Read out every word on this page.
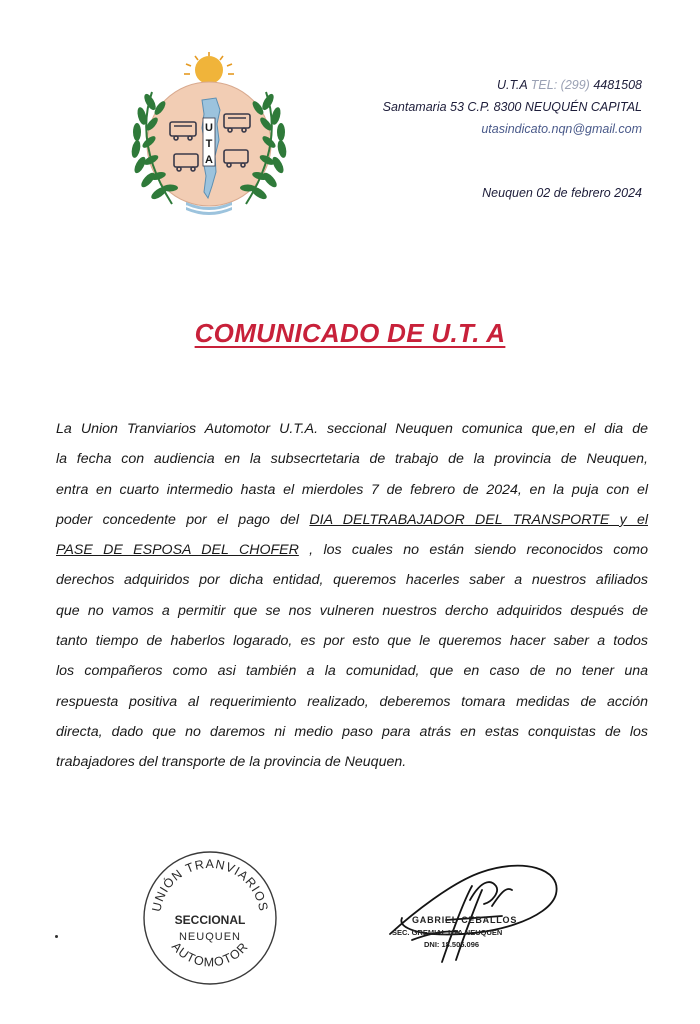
U
T
A
U.T.A TEL: (299) 4481508
Santamaria 53 C.P. 8300 NEUQUÉN CAPITAL
utasindicato.nqn@gmail.com
Neuquen 02 de febrero 2024
COMUNICADO DE U.T. A
La Union Tranviarios Automotor U.T.A. seccional Neuquen comunica que,en el dia de
la fecha con audiencia en la subsecrtetaria de trabajo de la provincia de Neuquen,
entra en cuarto intermedio hasta el mierdoles 7 de febrero de 2024, en la puja con el
poder concedente por el pago del DIA DELTRABAJADOR DEL TRANSPORTE y el
PASE DE ESPOSA DEL CHOFER , los cuales no están siendo reconocidos como
derechos adquiridos por dicha entidad, queremos hacerles saber a nuestros afiliados
que no vamos a permitir que se nos vulneren nuestros dercho adquiridos después de
tanto tiempo de haberlos logarado, es por esto que le queremos hacer saber a todos
los compañeros como asi también a la comunidad, que en caso de no tener una
respuesta positiva al requerimiento realizado, deberemos tomara medidas de acción
directa, dado que no daremos ni medio paso para atrás en estas conquistas de los
trabajadores del transporte de la provincia de Neuquen.
UNIÓN TRANVIARIOS
AUTOMOTOR
SECCIONAL
NEUQUEN
GABRIEL CEBALLOS
SEC. GREMIAL UTA NEUQUEN
DNI: 18.505.096
